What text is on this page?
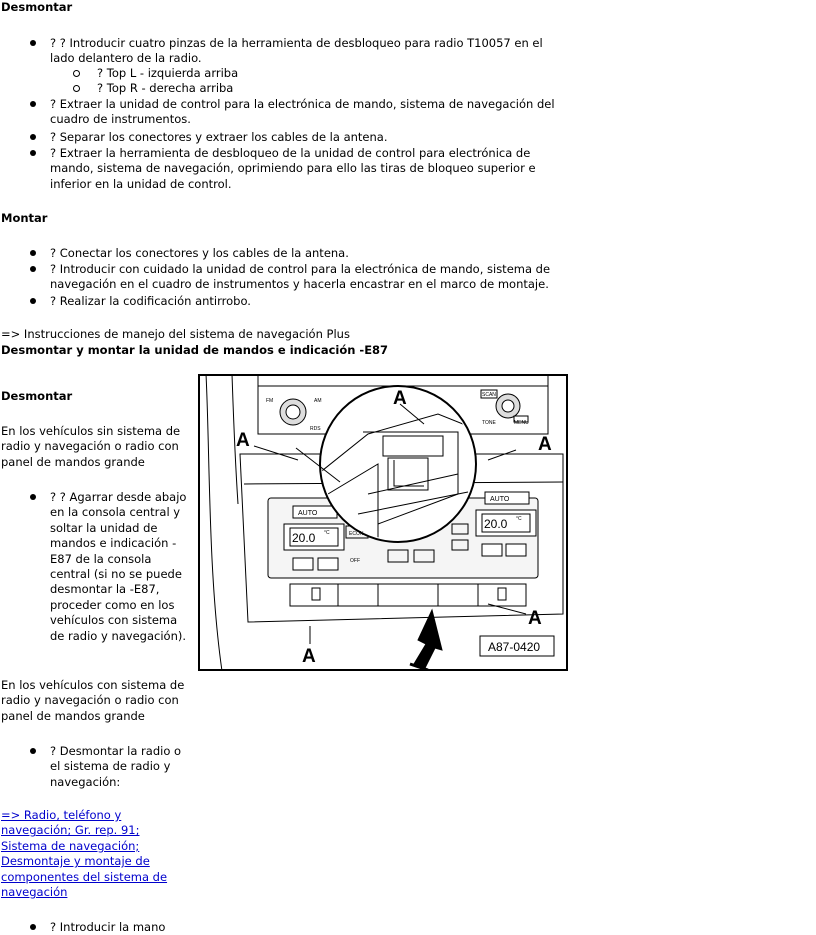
Desmontar
? ? Introducir cuatro pinzas de la herramienta de desbloqueo para radio T10057 en el lado delantero de la radio.
? Top L - izquierda arriba
? Top R - derecha arriba
? Extraer la unidad de control para la electrónica de mando, sistema de navegación del cuadro de instrumentos.
? Separar los conectores y extraer los cables de la antena.
? Extraer la herramienta de desbloqueo de la unidad de control para electrónica de mando, sistema de navegación, oprimiendo para ello las tiras de bloqueo superior e inferior en la unidad de control.
Montar
? Conectar los conectores y los cables de la antena.
? Introducir con cuidado la unidad de control para la electrónica de mando, sistema de navegación en el cuadro de instrumentos y hacerla encastrar en el marco de montaje.
? Realizar la codificación antirrobo.
=> Instrucciones de manejo del sistema de navegación Plus
Desmontar y montar la unidad de mandos e indicación -E87
Desmontar
En los vehículos sin sistema de radio y navegación o radio con panel de mandos grande
? ? Agarrar desde abajo en la consola central y soltar la unidad de mandos e indicación -E87 de la consola central (si no se puede desmontar la -E87, proceder como en los vehículos con sistema de radio y navegación).
En los vehículos con sistema de radio y navegación o radio con panel de mandos grande
? Desmontar la radio o el sistema de radio y navegación:
=> Radio, teléfono y navegación; Gr. rep. 91; Sistema de navegación; Desmontaje y montaje de componentes del sistema de navegación
? Introducir la mano
A
A	A
A
A
AUTO
AUTO
20.0 °C
20.0 °C
ECON
OFF
FM	AM
RDS
SCAN
TONE	MENU
A87-0420
